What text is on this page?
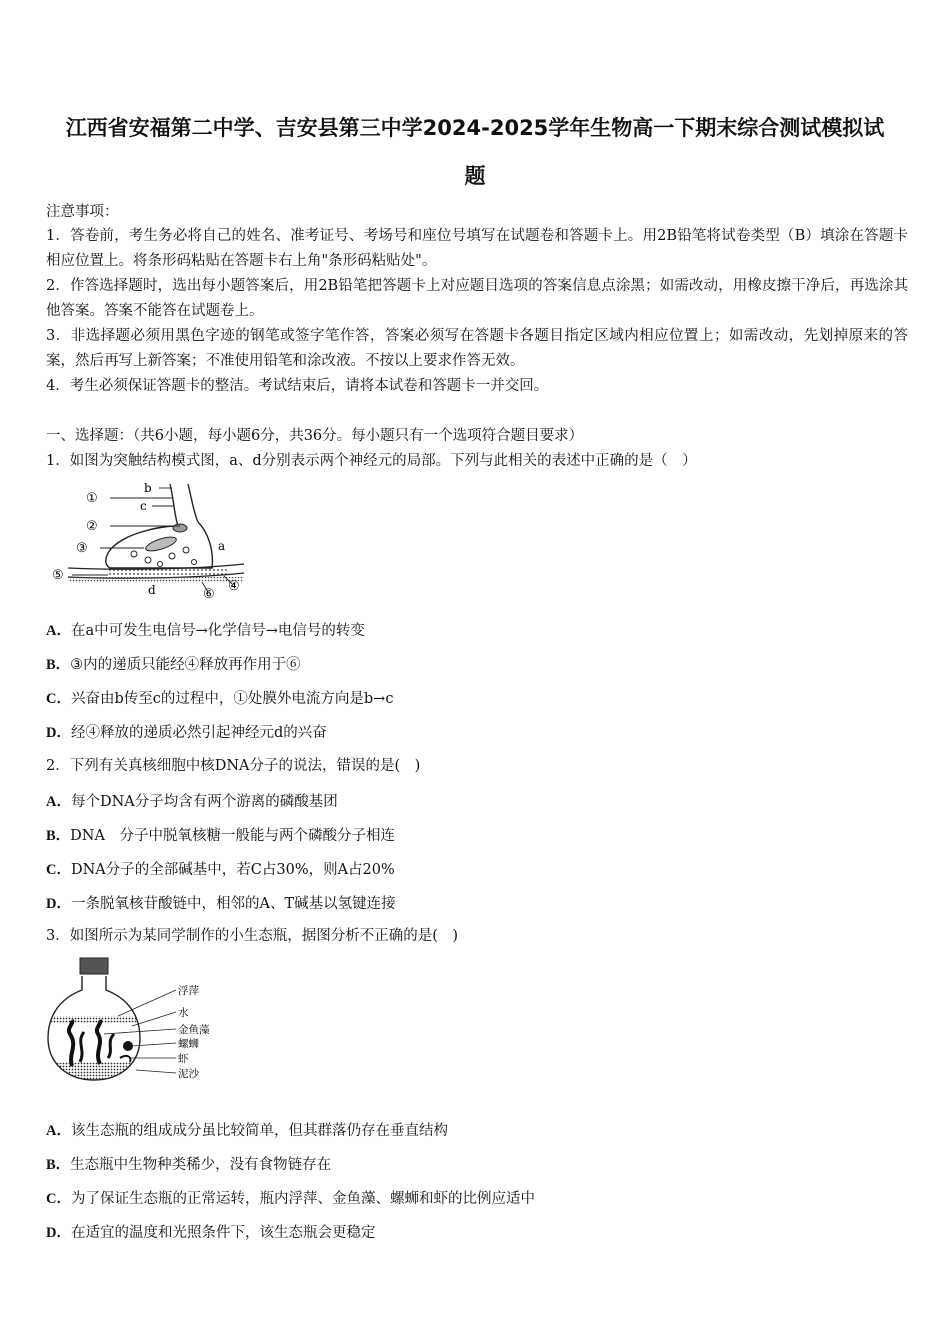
江西省安福第二中学、吉安县第三中学2024-2025学年生物高一下期末综合测试模拟试
题
注意事项：
1．答卷前，考生务必将自己的姓名、准考证号、考场号和座位号填写在试题卷和答题卡上。用2B铅笔将试卷类型（B）填涂在答题卡相应位置上。将条形码粘贴在答题卡右上角"条形码粘贴处"。
2．作答选择题时，选出每小题答案后，用2B铅笔把答题卡上对应题目选项的答案信息点涂黑；如需改动，用橡皮擦干净后，再选涂其他答案。答案不能答在试题卷上。
3．非选择题必须用黑色字迹的钢笔或签字笔作答，答案必须写在答题卡各题目指定区域内相应位置上；如需改动，先划掉原来的答案，然后再写上新答案；不准使用铅笔和涂改液。不按以上要求作答无效。
4．考生必须保证答题卡的整洁。考试结束后，请将本试卷和答题卡一并交回。
一、选择题：（共6小题，每小题6分，共36分。每小题只有一个选项符合题目要求）
1．如图为突触结构模式图，a、d分别表示两个神经元的局部。下列与此相关的表述中正确的是（　）
①
②
③
④
⑤
⑥
a
b
c
d
A．在a中可发生电信号→化学信号→电信号的转变
B．③内的递质只能经④释放再作用于⑥
C．兴奋由b传至c的过程中，①处膜外电流方向是b→c
D．经④释放的递质必然引起神经元d的兴奋
2．下列有关真核细胞中核DNA分子的说法，错误的是(　)
A．每个DNA分子均含有两个游离的磷酸基团
B．DNA　分子中脱氧核糖一般能与两个磷酸分子相连
C．DNA分子的全部碱基中，若C占30%，则A占20%
D．一条脱氧核苷酸链中，相邻的A、T碱基以氢键连接
3．如图所示为某同学制作的小生态瓶，据图分析不正确的是(　)
浮萍
水
金鱼藻
螺蛳
虾
泥沙
A．该生态瓶的组成成分虽比较简单，但其群落仍存在垂直结构
B．生态瓶中生物种类稀少，没有食物链存在
C．为了保证生态瓶的正常运转，瓶内浮萍、金鱼藻、螺蛳和虾的比例应适中
D．在适宜的温度和光照条件下，该生态瓶会更稳定
